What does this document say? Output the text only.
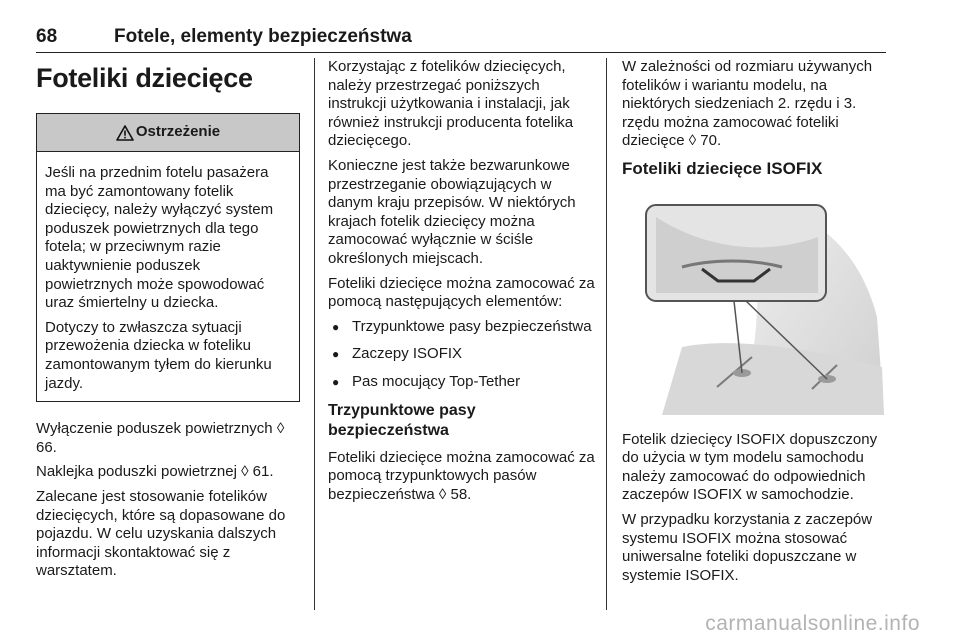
68	Fotele, elementy bezpieczeństwa
Foteliki dziecięce
Ostrzeżenie

Jeśli na przednim fotelu pasażera ma być zamontowany fotelik dziecięcy, należy wyłączyć system poduszek powietrznych dla tego fotela; w przeciwnym razie uaktywnienie poduszek powietrznych może spowodować uraz śmiertelny u dziecka.

Dotyczy to zwłaszcza sytuacji przewożenia dziecka w foteliku zamontowanym tyłem do kierunku jazdy.

Wyłączenie poduszek powietrznych ◊ 66.

Naklejka poduszki powietrznej ◊ 61.

Zalecane jest stosowanie fotelików dziecięcych, które są dopasowane do pojazdu. W celu uzyskania dalszych informacji skontaktować się z warsztatem.

Korzystając z fotelików dziecięcych, należy przestrzegać poniższych instrukcji użytkowania i instalacji, jak również instrukcji producenta fotelika dziecięcego.

Konieczne jest także bezwarunkowe przestrzeganie obowiązujących w danym kraju przepisów. W niektórych krajach fotelik dziecięcy można zamocować wyłącznie w ściśle określonych miejscach.

Foteliki dziecięce można zamocować za pomocą następujących elementów:

● Trzypunktowe pasy bezpieczeństwa
● Zaczepy ISOFIX
● Pas mocujący Top-Tether
Trzypunktowe pasy bezpieczeństwa

Foteliki dziecięce można zamocować za pomocą trzypunktowych pasów bezpieczeństwa ◊ 58.

W zależności od rozmiaru używanych fotelików i wariantu modelu, na niektórych siedzeniach 2. rzędu i 3. rzędu można zamocować foteliki dziecięce ◊ 70.

Foteliki dziecięce ISOFIX

Fotelik dziecięcy ISOFIX dopuszczony do użycia w tym modelu samochodu należy zamocować do odpowiednich zaczepów ISOFIX w samochodzie.

W przypadku korzystania z zaczepów systemu ISOFIX można stosować uniwersalne foteliki dopuszczane w systemie ISOFIX.

carmanualsonline.info
